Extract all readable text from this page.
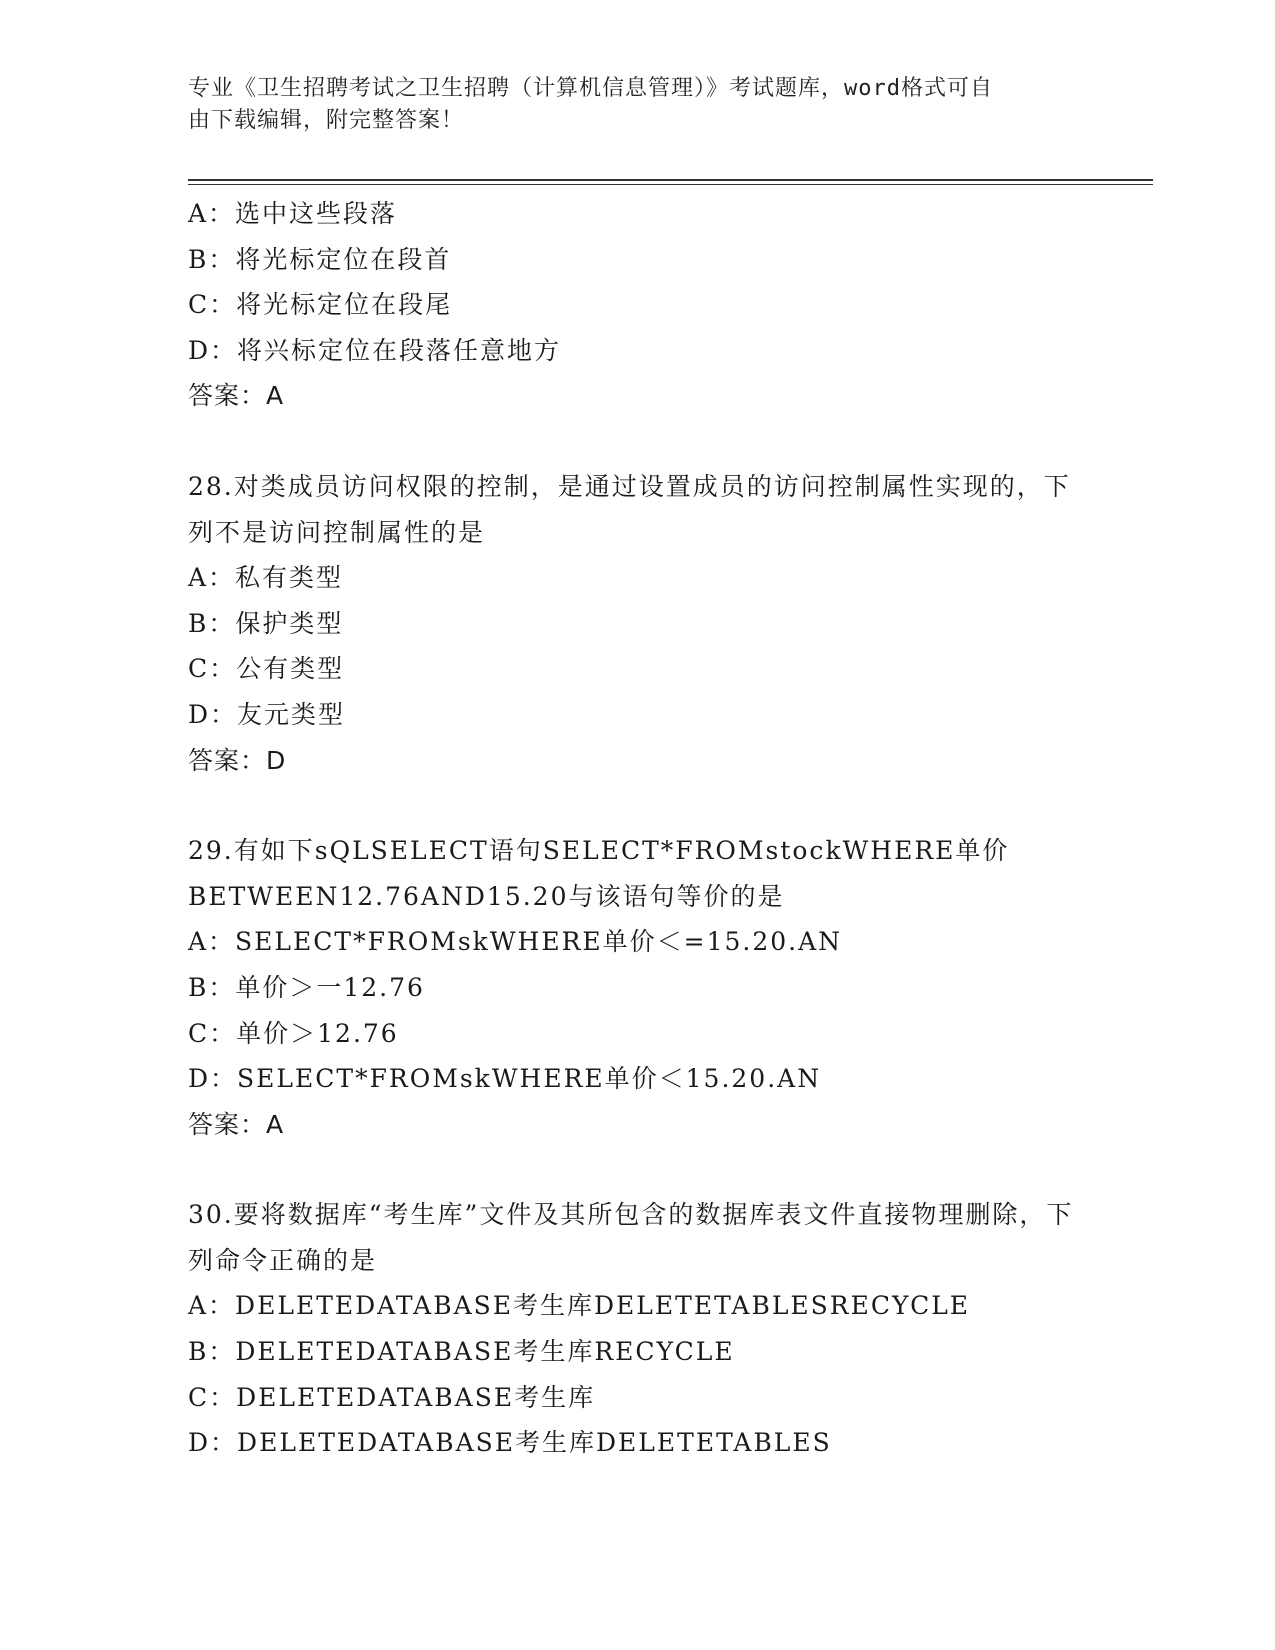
专业《卫生招聘考试之卫生招聘（计算机信息管理）》考试题库，word格式可自
由下载编辑，附完整答案！
A：选中这些段落
B：将光标定位在段首
C：将光标定位在段尾
D：将兴标定位在段落任意地方
答案：A
28.对类成员访问权限的控制，是通过设置成员的访问控制属性实现的，下列不是访问控制属性的是
A：私有类型
B：保护类型
C：公有类型
D：友元类型
答案：D
29.有如下sQLSELECT语句SELECT*FROMstockWHERE单价BETWEEN12.76AND15.20与该语句等价的是
A：SELECT*FROMskWHERE单价＜=15.20.AN
B：单价＞一12.76
C：单价＞12.76
D：SELECT*FROMskWHERE单价＜15.20.AN
答案：A
30.要将数据库“考生库”文件及其所包含的数据库表文件直接物理删除，下列命令正确的是
A：DELETEDATABASE考生库DELETETABLESRECYCLE
B：DELETEDATABASE考生库RECYCLE
C：DELETEDATABASE考生库
D：DELETEDATABASE考生库DELETETABLES
